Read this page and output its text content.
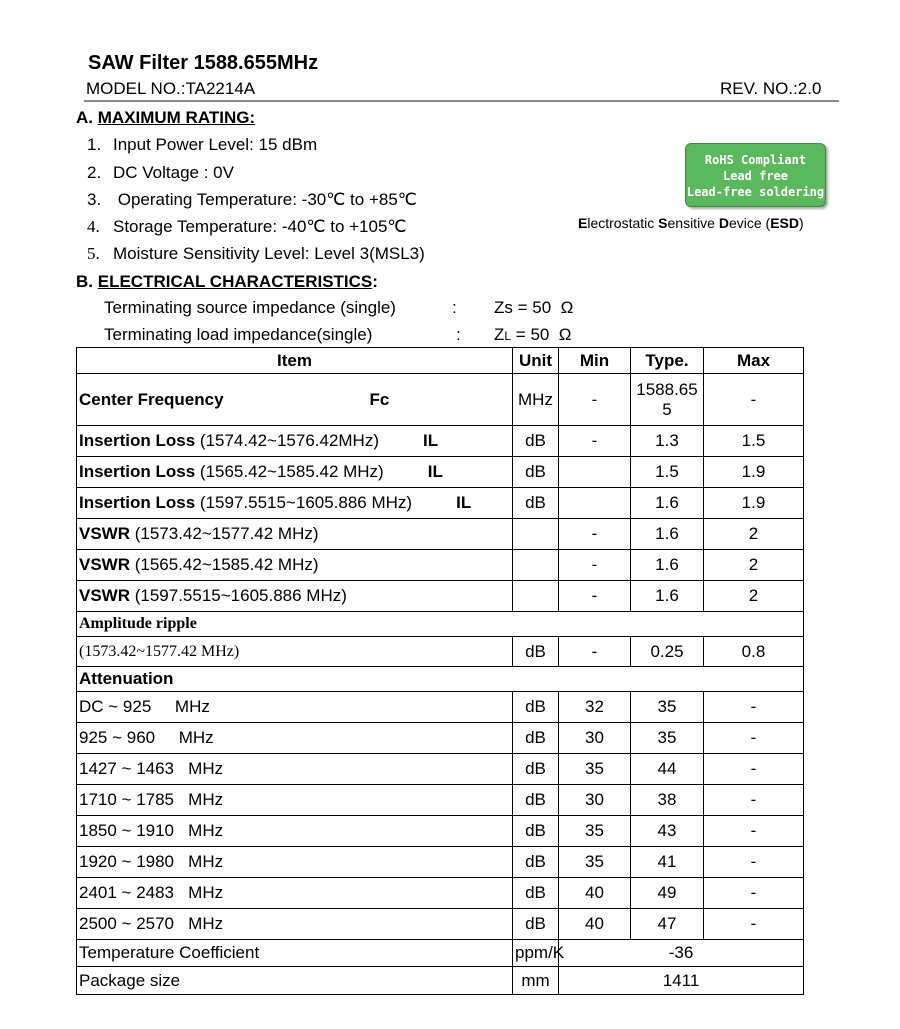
SAW Filter 1588.655MHz
MODEL NO.:TA2214A	REV. NO.:2.0
A. MAXIMUM RATING:
1. Input Power Level: 15 dBm
2. DC Voltage : 0V
3. Operating Temperature: -30℃ to +85℃
4. Storage Temperature: -40℃ to +105℃
5. Moisture Sensitivity Level: Level 3(MSL3)
RoHS Compliant
Lead free
Lead-free soldering
Electrostatic Sensitive Device (ESD)
B. ELECTRICAL CHARACTERISTICS:
Terminating source impedance (single)	: Zs = 50  Ω
Terminating load impedance(single)	: ZL = 50  Ω
Item	Unit	Min	Type.	Max
Center Frequency Fc	MHz	-	1588.655	-
Insertion Loss (1574.42~1576.42MHz) IL	dB	-	1.3	1.5
Insertion Loss (1565.42~1585.42 MHz) IL	dB		1.5	1.9
Insertion Loss (1597.5515~1605.886 MHz) IL	dB		1.6	1.9
VSWR (1573.42~1577.42 MHz)		-	1.6	2
VSWR (1565.42~1585.42 MHz)		-	1.6	2
VSWR (1597.5515~1605.886 MHz)		-	1.6	2
Amplitude ripple				
(1573.42~1577.42 MHz)	dB	-	0.25	0.8
Attenuation				
DC ~ 925     MHz	dB	32	35	-
925 ~ 960     MHz	dB	30	35	-
1427 ~ 1463   MHz	dB	35	44	-
1710 ~ 1785   MHz	dB	30	38	-
1850 ~ 1910   MHz	dB	35	43	-
1920 ~ 1980   MHz	dB	35	41	-
2401 ~ 2483   MHz	dB	40	49	-
2500 ~ 2570   MHz	dB	40	47	-
Temperature Coefficient	ppm/K	-36		
Package size	mm	1411		
